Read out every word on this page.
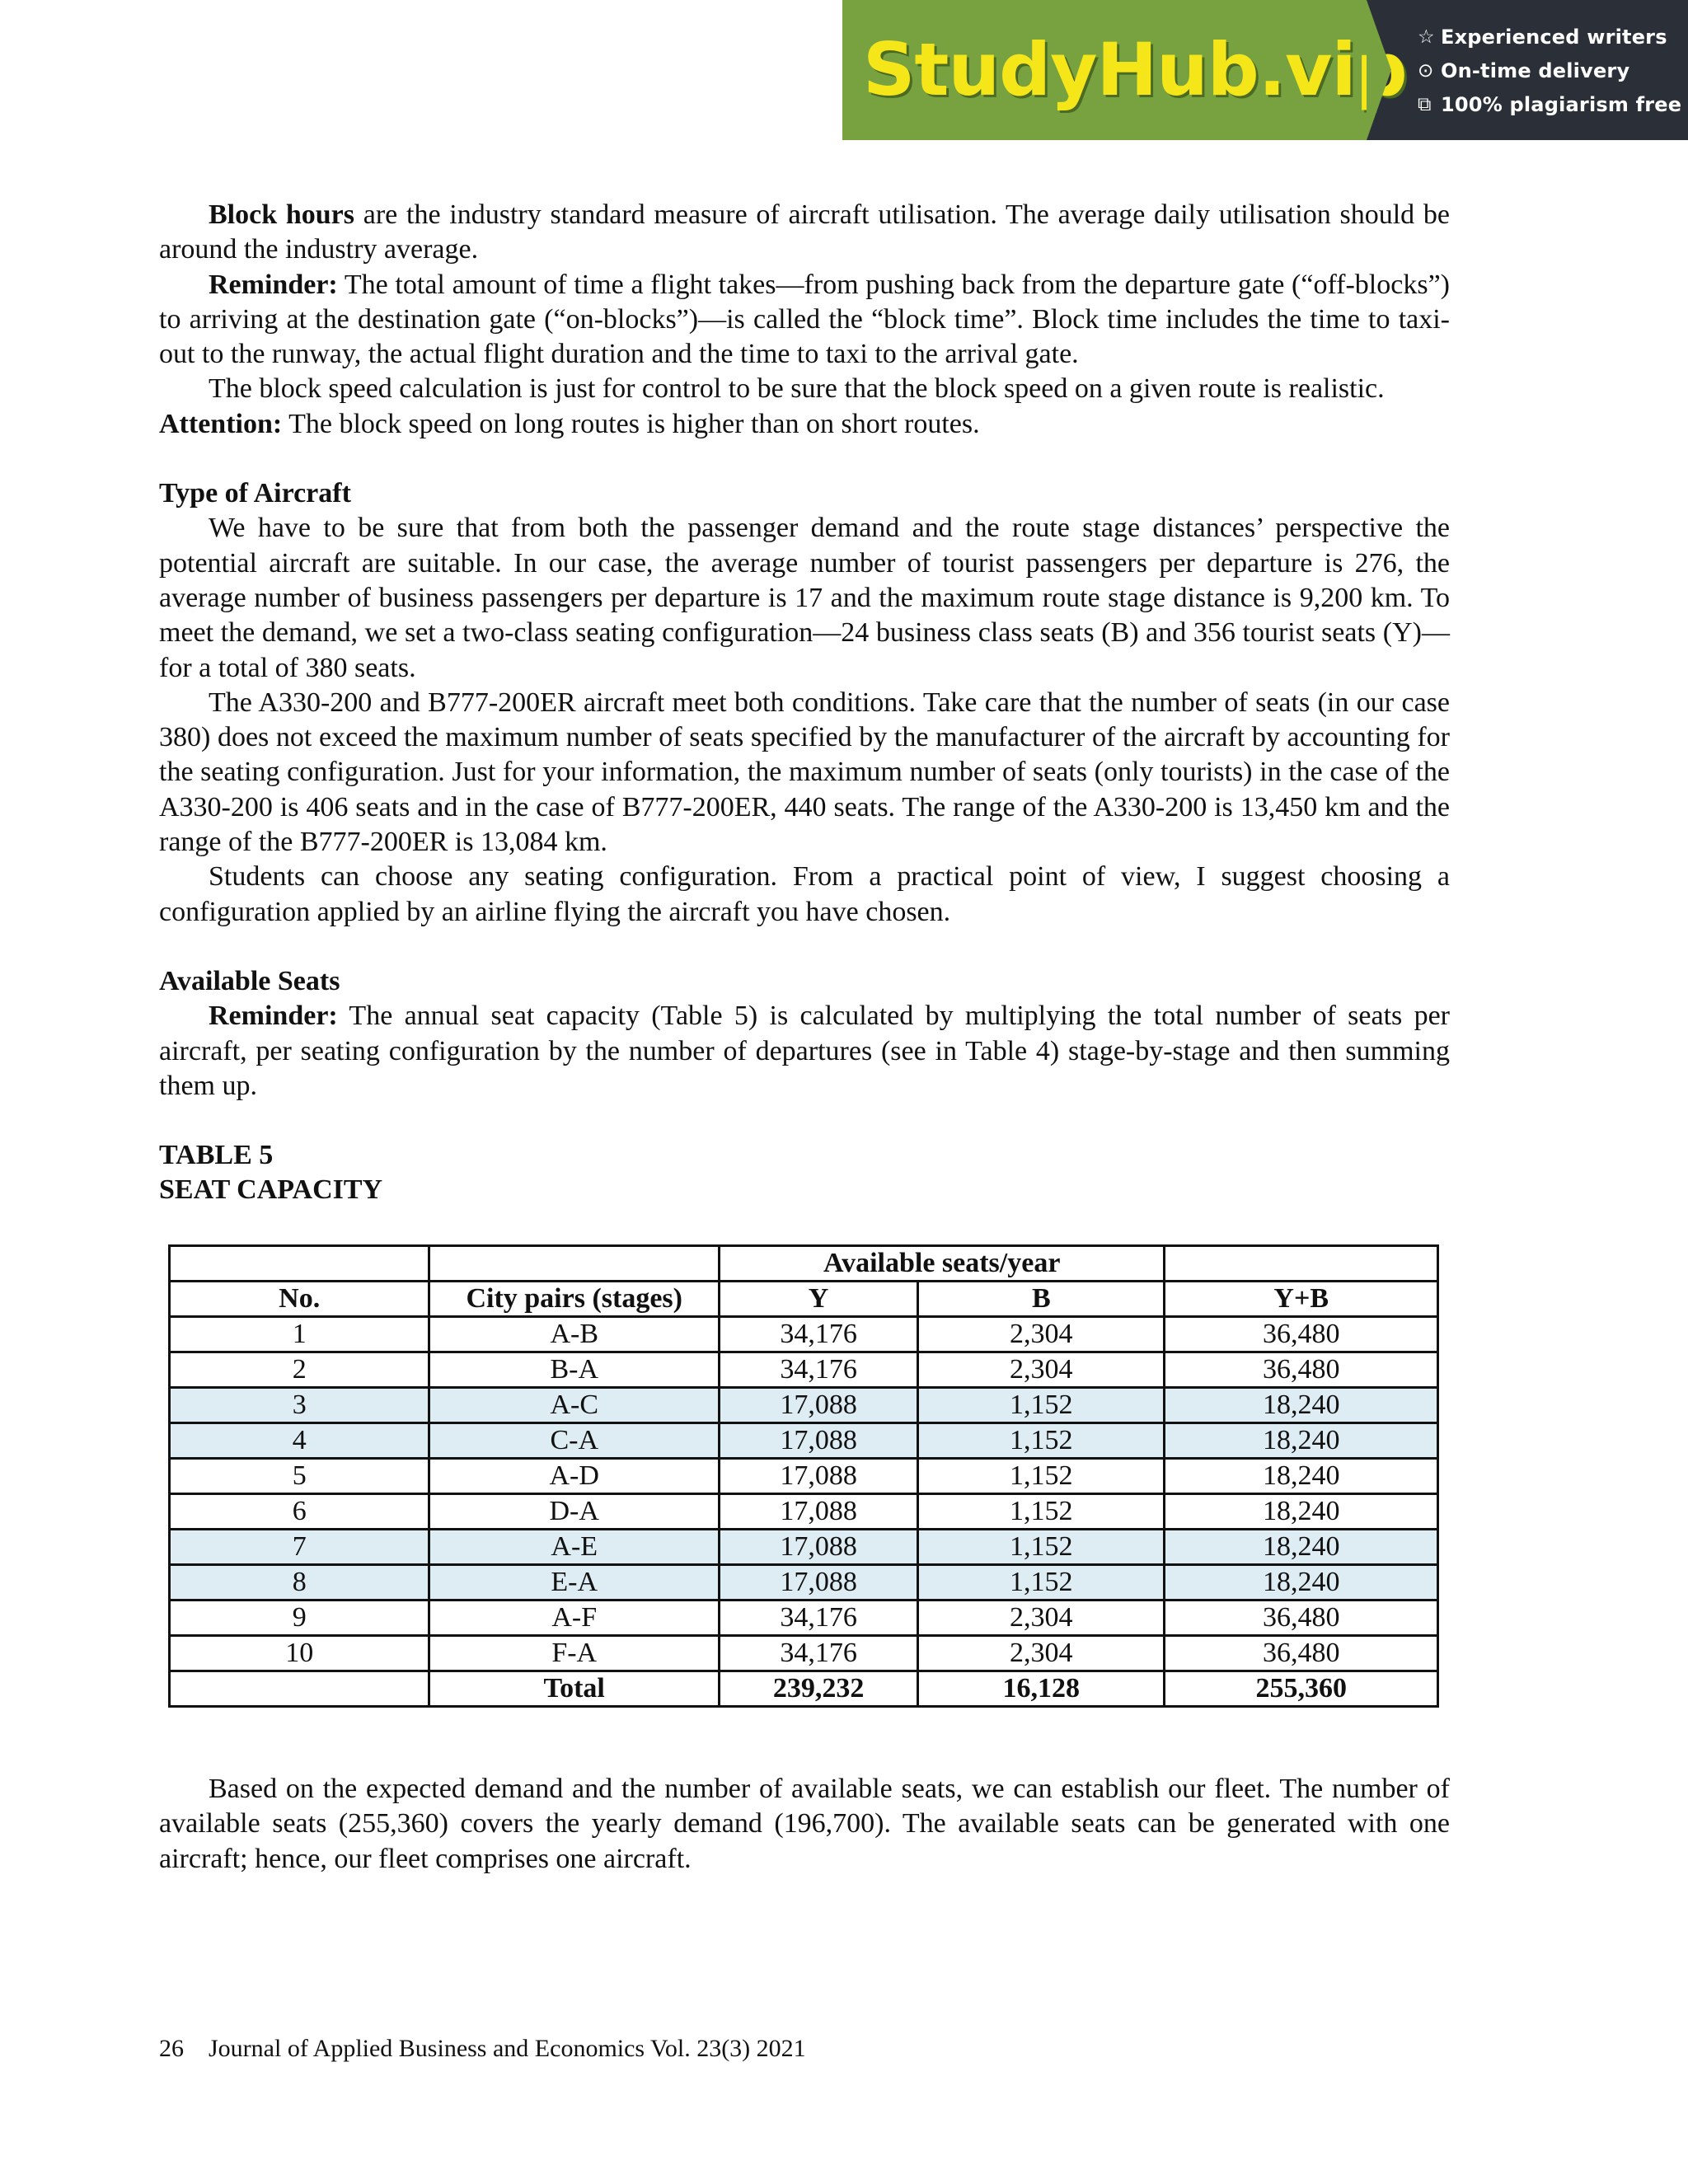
StudyHub.vip ☆ Experienced writers
⊙ On-time delivery
⧉ 100% plagiarism free

Block hours are the industry standard measure of aircraft utilisation. The average daily utilisation should be around the industry average.

Reminder: The total amount of time a flight takes—from pushing back from the departure gate (“off-blocks”) to arriving at the destination gate (“on-blocks”)—is called the “block time”. Block time includes the time to taxi-out to the runway, the actual flight duration and the time to taxi to the arrival gate.

The block speed calculation is just for control to be sure that the block speed on a given route is realistic.

Attention: The block speed on long routes is higher than on short routes.

Type of Aircraft

We have to be sure that from both the passenger demand and the route stage distances’ perspective the potential aircraft are suitable. In our case, the average number of tourist passengers per departure is 276, the average number of business passengers per departure is 17 and the maximum route stage distance is 9,200 km. To meet the demand, we set a two-class seating configuration—24 business class seats (B) and 356 tourist seats (Y)—for a total of 380 seats.

The A330-200 and B777-200ER aircraft meet both conditions. Take care that the number of seats (in our case 380) does not exceed the maximum number of seats specified by the manufacturer of the aircraft by accounting for the seating configuration. Just for your information, the maximum number of seats (only tourists) in the case of the A330-200 is 406 seats and in the case of B777-200ER, 440 seats. The range of the A330-200 is 13,450 km and the range of the B777-200ER is 13,084 km.

Students can choose any seating configuration. From a practical point of view, I suggest choosing a configuration applied by an airline flying the aircraft you have chosen.

Available Seats

Reminder: The annual seat capacity (Table 5) is calculated by multiplying the total number of seats per aircraft, per seating configuration by the number of departures (see in Table 4) stage-by-stage and then summing them up.

TABLE 5

SEAT CAPACITY

		Available seats/year		
No.	City pairs (stages)	Y	B	Y+B
1	A-B	34,176	2,304	36,480
2	B-A	34,176	2,304	36,480
3	A-C	17,088	1,152	18,240
4	C-A	17,088	1,152	18,240
5	A-D	17,088	1,152	18,240
6	D-A	17,088	1,152	18,240
7	A-E	17,088	1,152	18,240
8	E-A	17,088	1,152	18,240
9	A-F	34,176	2,304	36,480
10	F-A	34,176	2,304	36,480
	Total	239,232	16,128	255,360

Based on the expected demand and the number of available seats, we can establish our fleet. The number of available seats (255,360) covers the yearly demand (196,700). The available seats can be generated with one aircraft; hence, our fleet comprises one aircraft.

26 Journal of Applied Business and Economics Vol. 23(3) 2021
